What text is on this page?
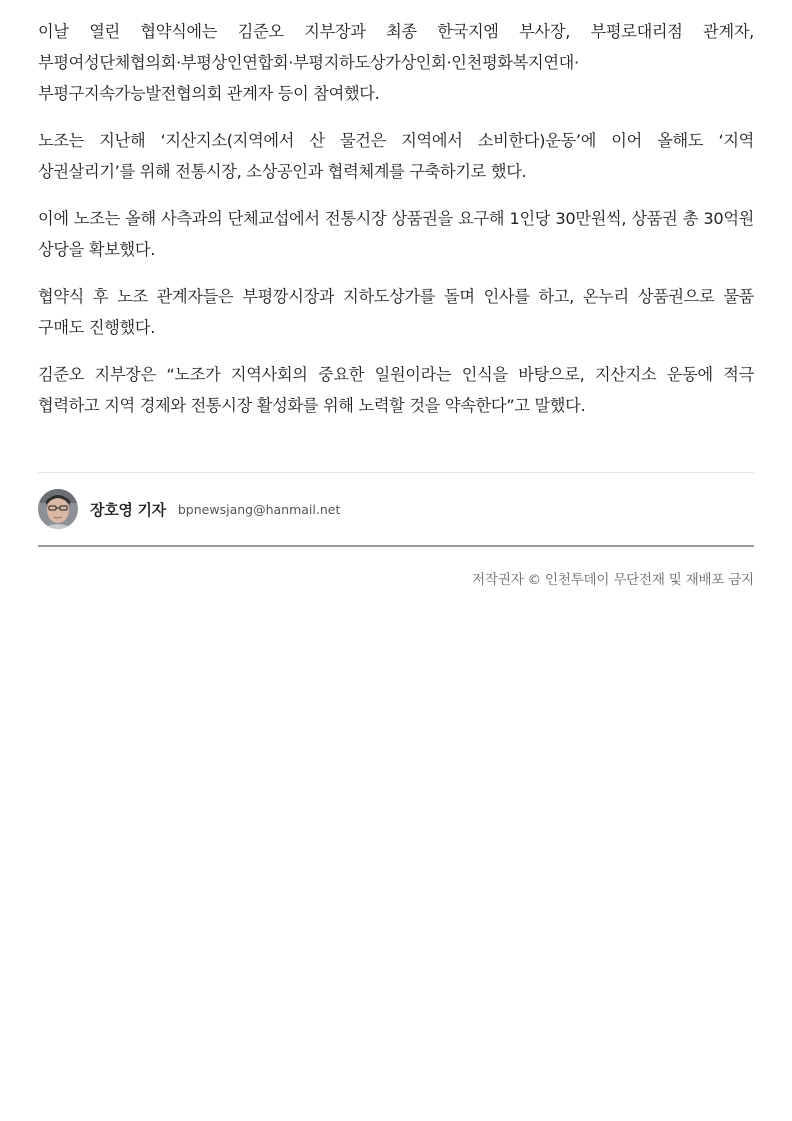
이날 열린 협약식에는 김준오 지부장과 최종 한국지엠 부사장, 부평로대리점 관계자, 부평여성단체협의회·부평상인연합회·부평지하도상가상인회·인천평화복지연대·부평구지속가능발전협의회 관계자 등이 참여했다.

노조는 지난해 ‘지산지소(지역에서 산 물건은 지역에서 소비한다)운동’에 이어 올해도 ‘지역 상권살리기’를 위해 전통시장, 소상공인과 협력체계를 구축하기로 했다.

이에 노조는 올해 사측과의 단체교섭에서 전통시장 상품권을 요구해 1인당 30만원씩, 상품권 총 30억원 상당을 확보했다.

협약식 후 노조 관계자들은 부평깡시장과 지하도상가를 돌며 인사를 하고, 온누리 상품권으로 물품 구매도 진행했다.

김준오 지부장은 “노조가 지역사회의 중요한 일원이라는 인식을 바탕으로, 지산지소 운동에 적극 협력하고 지역 경제와 전통시장 활성화를 위해 노력할 것을 약속한다”고 말했다.

장호영 기자 bpnewsjang@hanmail.net
저작권자 © 인천투데이 무단전재 및 재배포 금지
